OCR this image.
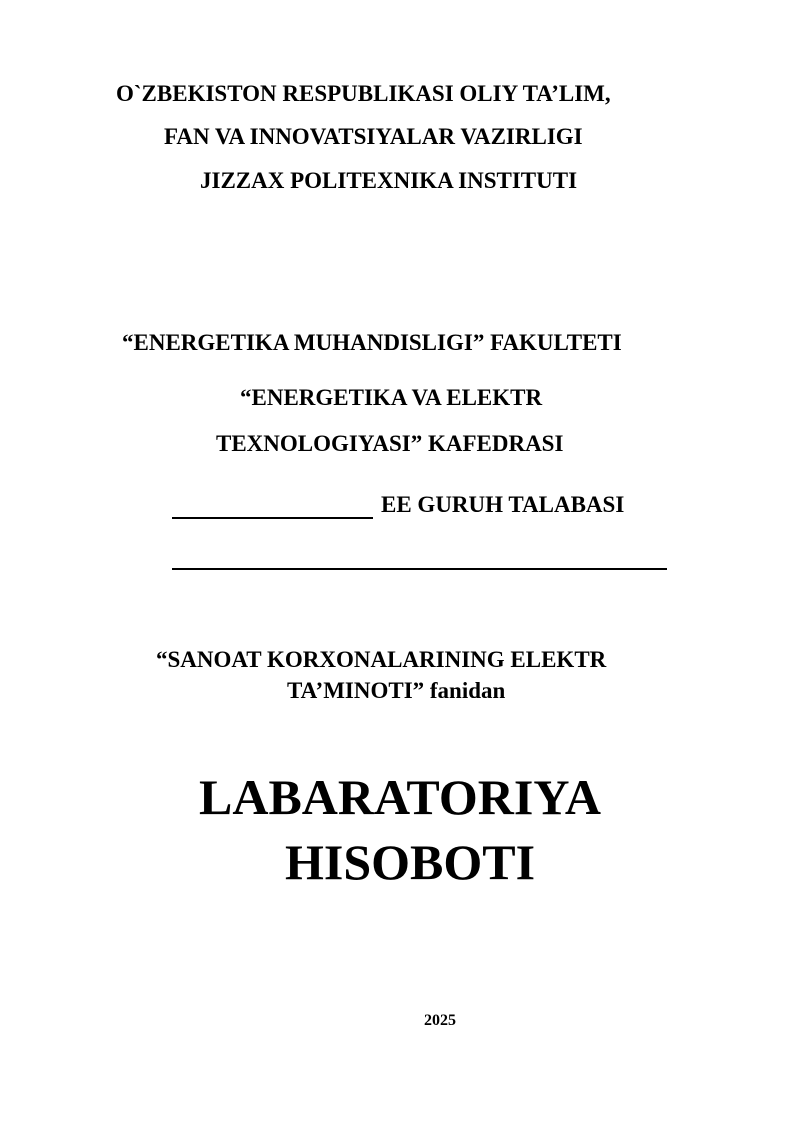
O`ZBEKISTON RESPUBLIKASI OLIY TA’LIM,
FAN VA INNOVATSIYALAR VAZIRLIGI
JIZZAX POLITEXNIKA INSTITUTI
“ENERGETIKA MUHANDISLIGI” FAKULTETI
“ENERGETIKA VA ELEKTR
TEXNOLOGIYASI” KAFEDRASI
EE GURUH TALABASI
“SANOAT KORXONALARINING ELEKTR
TA’MINOTI” fanidan
LABARATORIYA
HISOBOTI
2025
